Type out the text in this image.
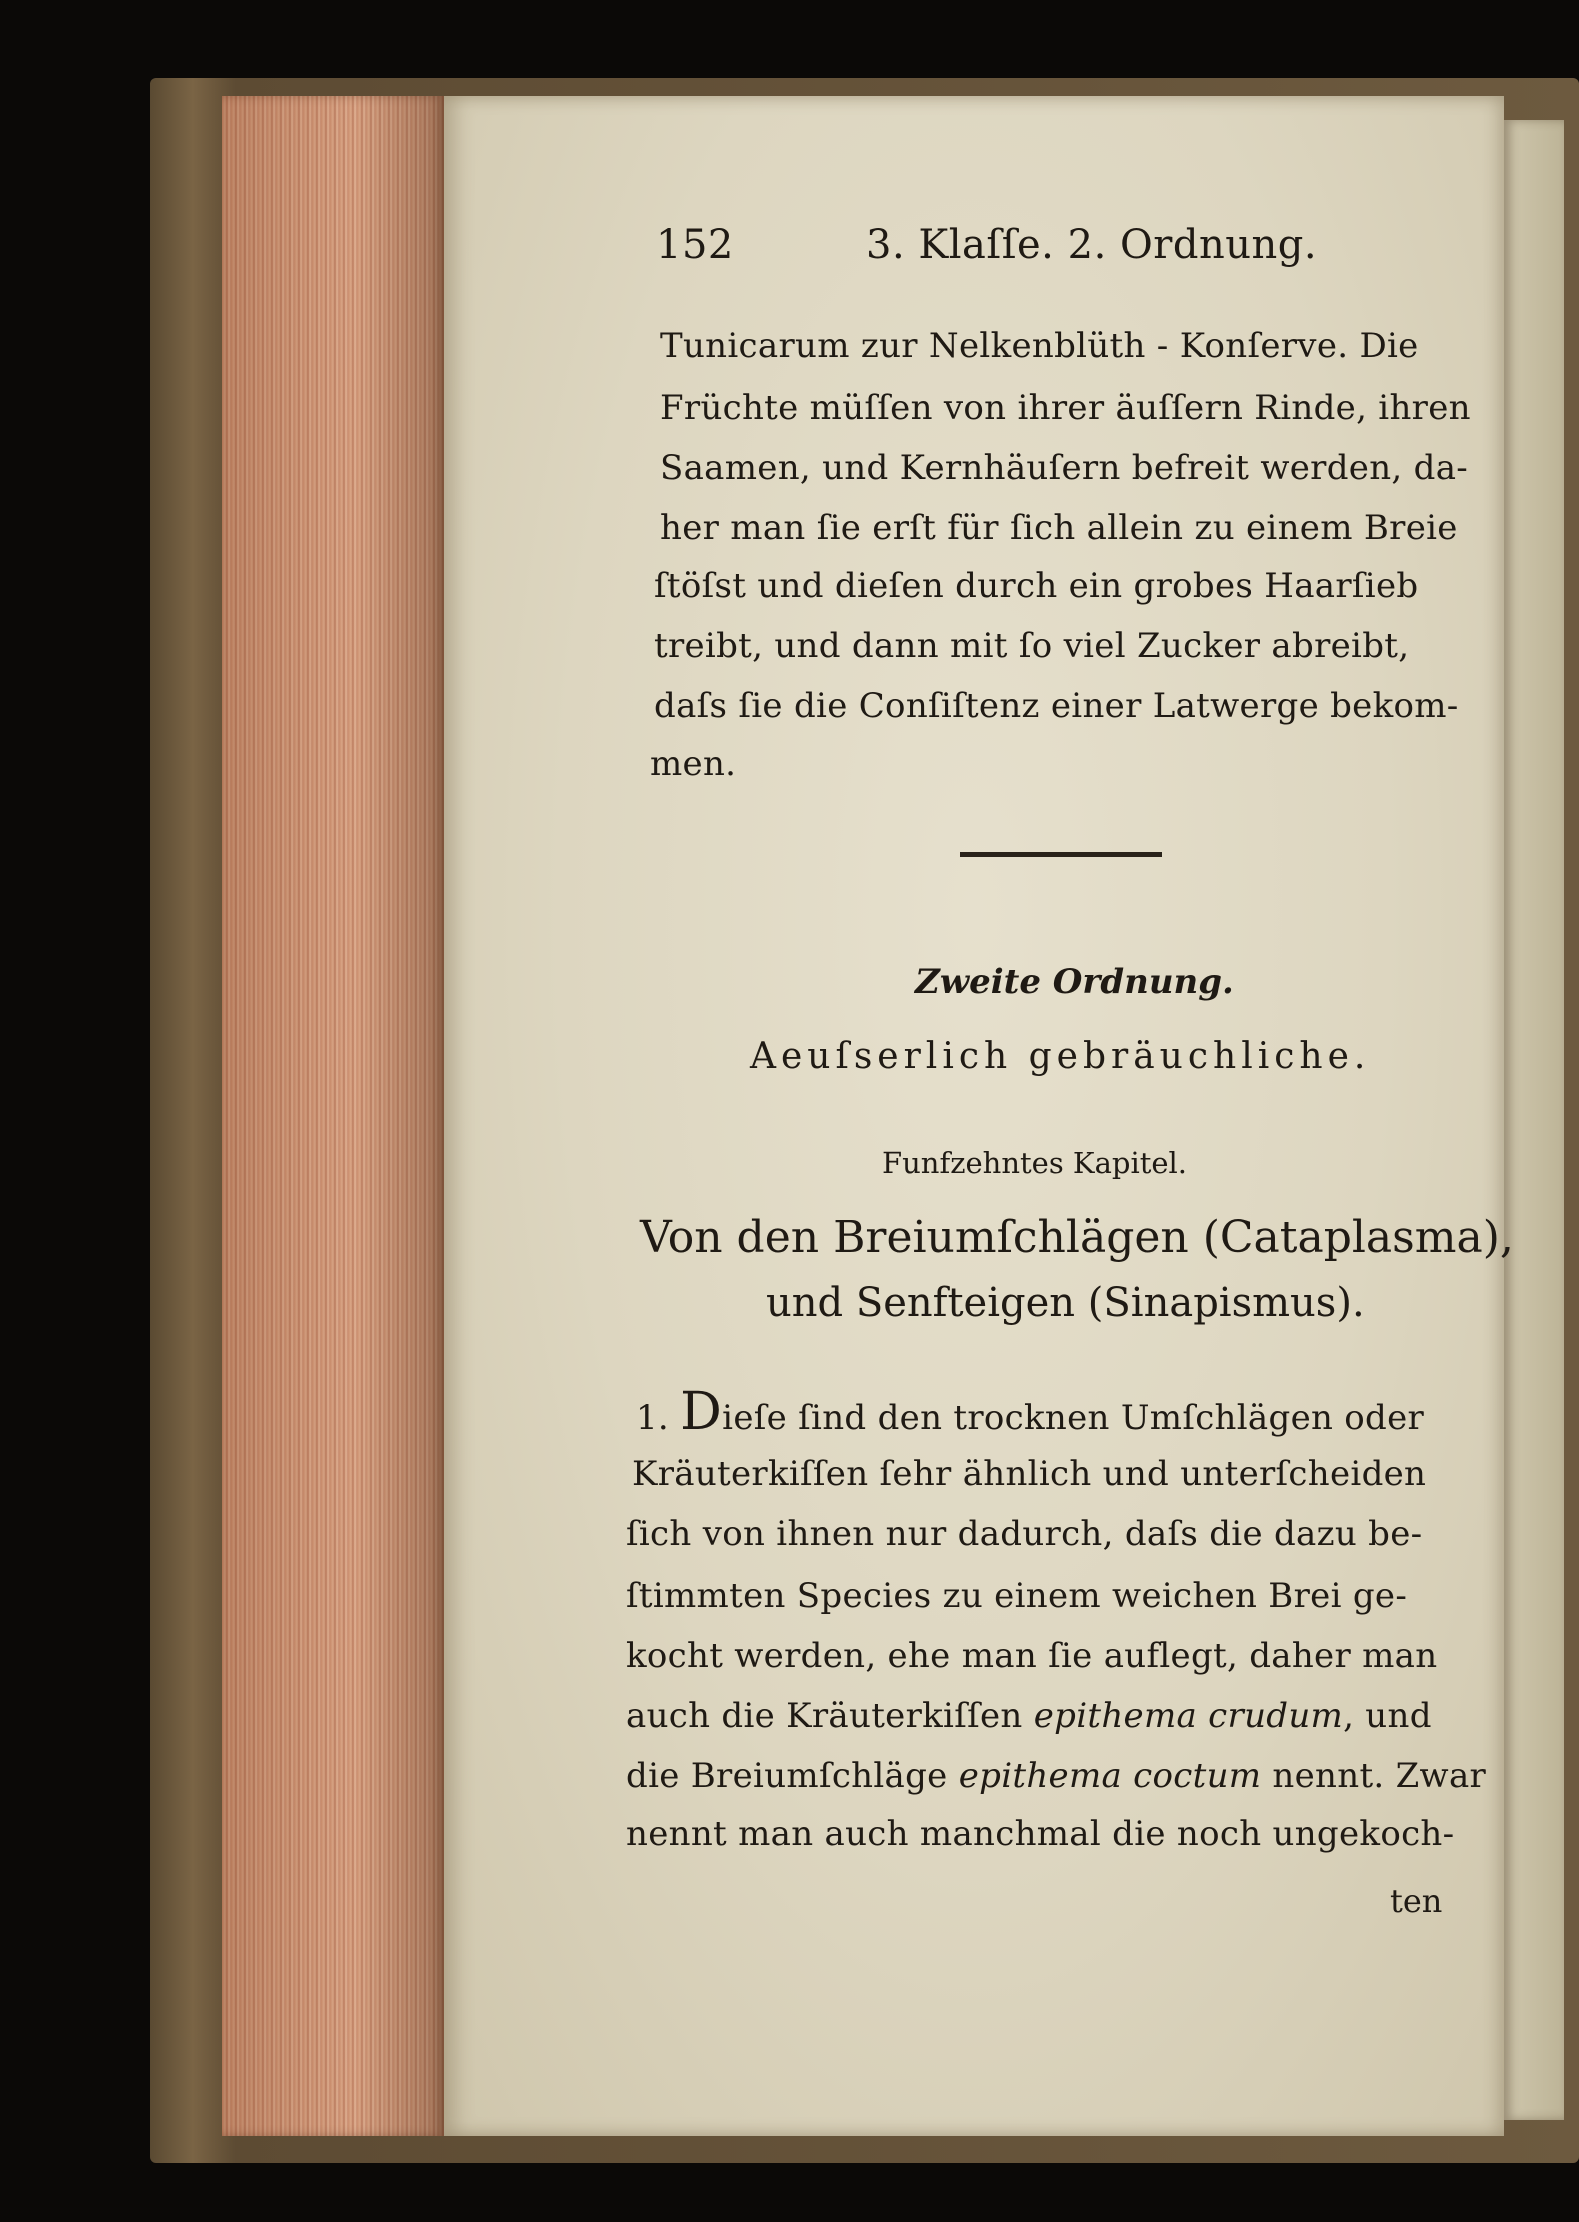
152	3. Klaſſe. 2. Ordnung.
Tunicarum zur Nelkenblüth - Konſerve. Die
Früchte müſſen von ihrer äuſſern Rinde, ihren
Saamen, und Kernhäuſern befreit werden, da-
her man ſie erſt für ſich allein zu einem Breie
ſtöſst und dieſen durch ein grobes Haarſieb
treibt, und dann mit ſo viel Zucker abreibt,
daſs ſie die Conſiſtenz einer Latwerge bekom-
men.
Zweite Ordnung.
Aeuſserlich gebräuchliche.
Funfzehntes Kapitel.
Von den Breiumſchlägen (Cataplasma),
und Senfteigen (Sinapismus).
1. Dieſe ſind den trocknen Umſchlägen oder
Kräuterkiſſen ſehr ähnlich und unterſcheiden
ſich von ihnen nur dadurch, daſs die dazu be-
ſtimmten Species zu einem weichen Brei ge-
kocht werden, ehe man ſie auflegt, daher man
auch die Kräuterkiſſen epithema crudum, und
die Breiumſchläge epithema coctum nennt. Zwar
nennt man auch manchmal die noch ungekoch-
ten
